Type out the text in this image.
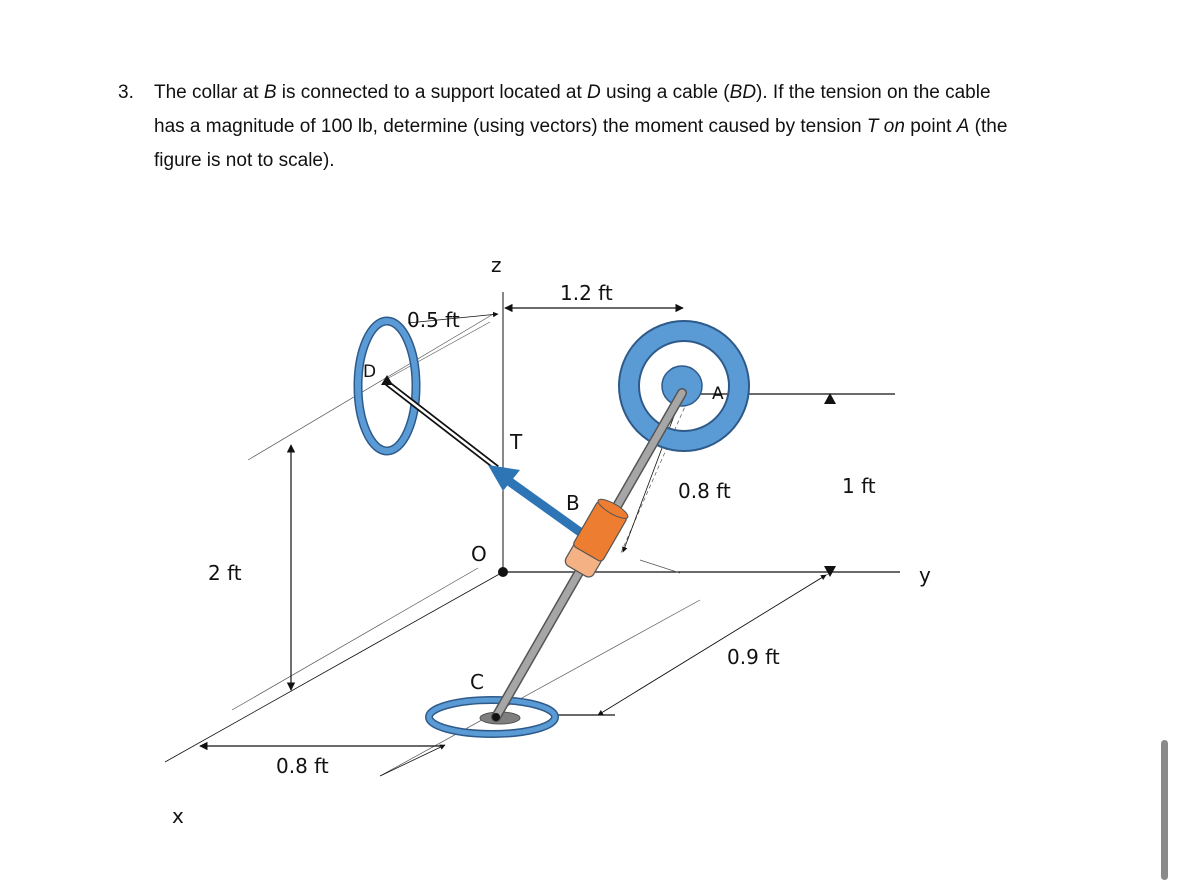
3. The collar at B is connected to a support located at D using a cable (BD). If the tension on the cable
has a magnitude of 100 lb, determine (using vectors) the moment caused by tension T on point A (the
figure is not to scale).
z
y
x
O
A
B
C
D
T
1.2 ft
0.5 ft
0.8 ft	1 ft
2 ft
0.9 ft
0.8 ft
